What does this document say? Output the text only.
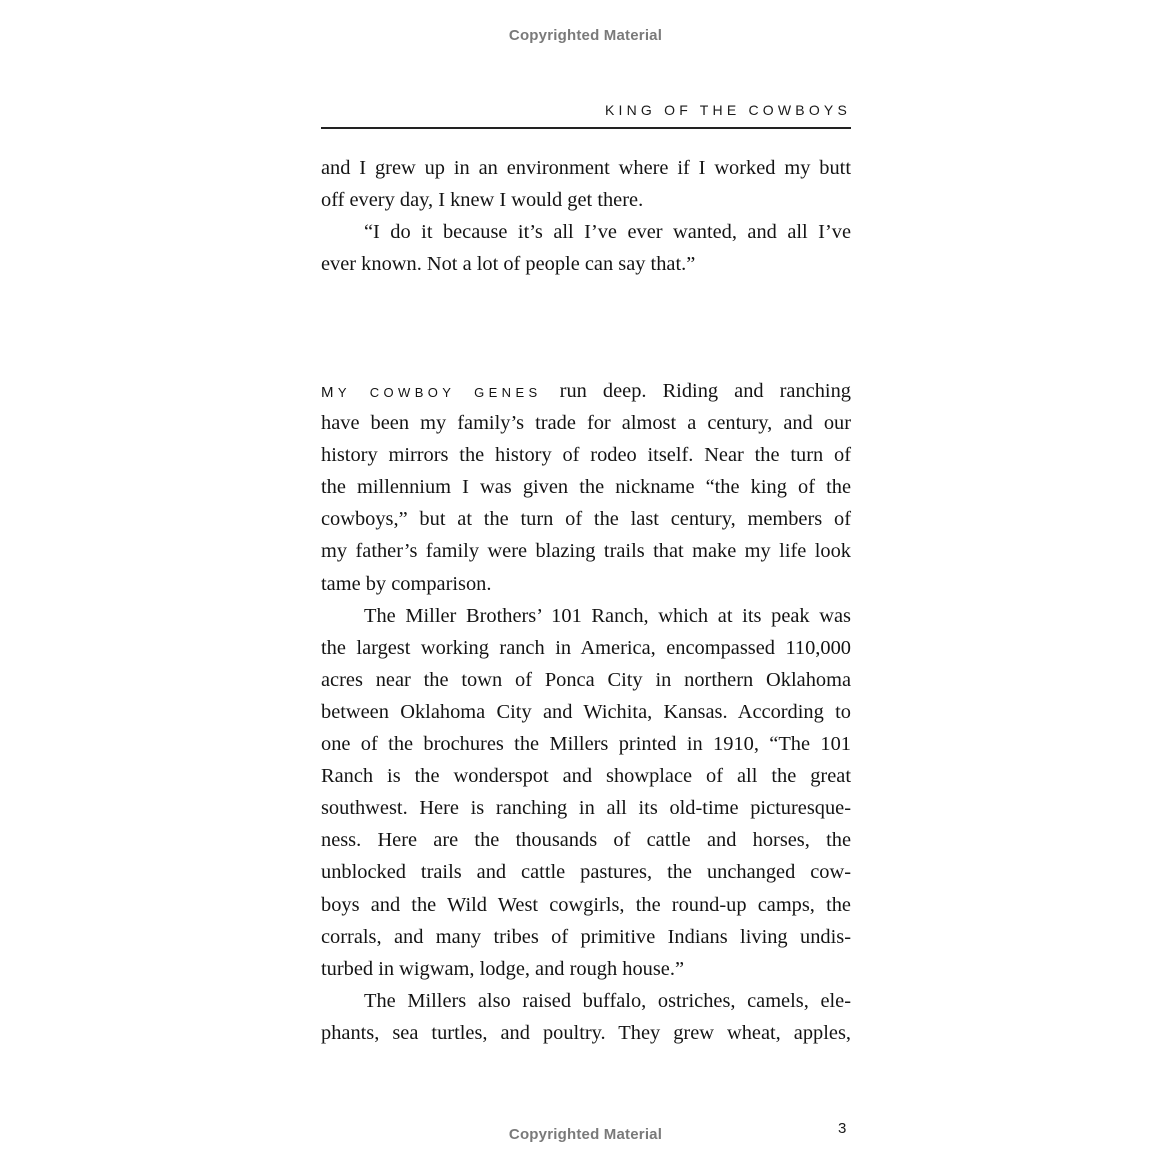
Copyrighted Material
KING OF THE COWBOYS
and I grew up in an environment where if I worked my butt
off every day, I knew I would get there.
“I do it because it’s all I’ve ever wanted, and all I’ve
ever known. Not a lot of people can say that.”
MY COWBOY GENES run deep. Riding and ranching
have been my family’s trade for almost a century, and our
history mirrors the history of rodeo itself. Near the turn of
the millennium I was given the nickname “the king of the
cowboys,” but at the turn of the last century, members of
my father’s family were blazing trails that make my life look
tame by comparison.
The Miller Brothers’ 101 Ranch, which at its peak was
the largest working ranch in America, encompassed 110,000
acres near the town of Ponca City in northern Oklahoma
between Oklahoma City and Wichita, Kansas. According to
one of the brochures the Millers printed in 1910, “The 101
Ranch is the wonderspot and showplace of all the great
southwest. Here is ranching in all its old-time picturesque-
ness. Here are the thousands of cattle and horses, the
unblocked trails and cattle pastures, the unchanged cow-
boys and the Wild West cowgirls, the round-up camps, the
corrals, and many tribes of primitive Indians living undis-
turbed in wigwam, lodge, and rough house.”
The Millers also raised buffalo, ostriches, camels, ele-
phants, sea turtles, and poultry. They grew wheat, apples,
Copyrighted Material	3
